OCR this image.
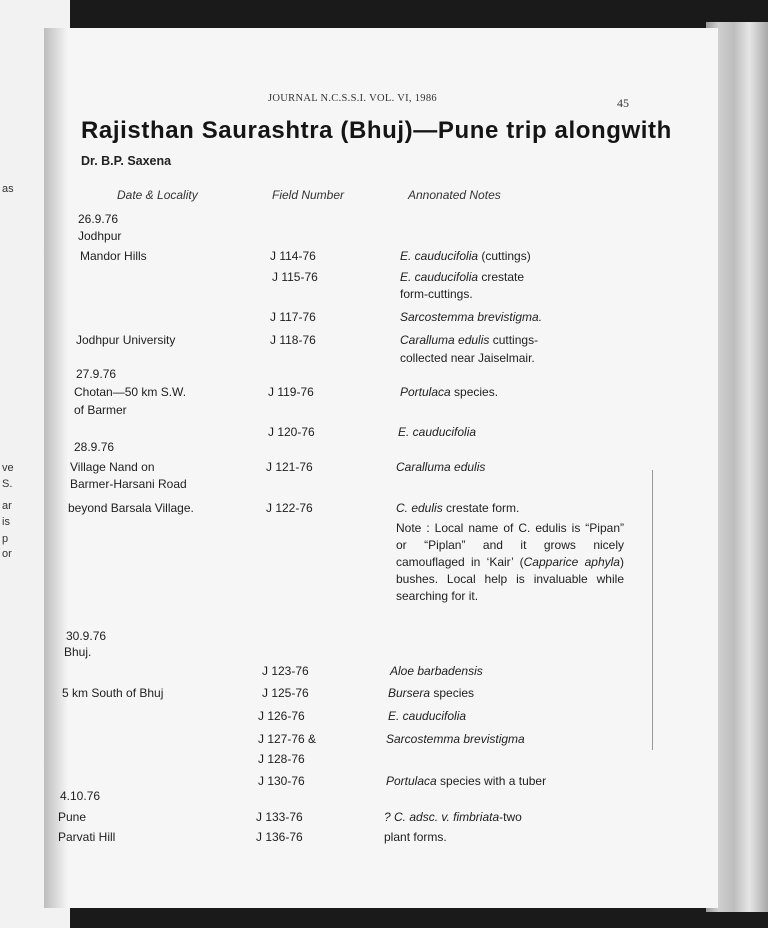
as
ve
S.
ar
is
p
or
JOURNAL N.C.S.S.I. VOL. VI, 1986	45
Rajisthan Saurashtra (Bhuj)—Pune trip alongwith
Dr. B.P. Saxena
Date & Locality	Field Number	Annonated Notes
26.9.76
Jodhpur
Mandor Hills	J 114-76	E. cauducifolia (cuttings)
J 115-76	E. cauducifolia crestate
form-cuttings.
J 117-76	Sarcostemma brevistigma.
Jodhpur University	J 118-76	Caralluma edulis cuttings-
collected near Jaiselmair.
27.9.76
Chotan—50 km S.W.	J 119-76	Portulaca species.
of Barmer
J 120-76	E. cauducifolia
28.9.76
Village Nand on	J 121-76	Caralluma edulis
Barmer-Harsani Road
beyond Barsala Village.	J 122-76	C. edulis crestate form.
Note : Local name of C. edulis is “Pipan” or “Piplan” and it grows nicely camouflaged in ‘Kair’ (Capparice aphyla) bushes. Local help is invaluable while searching for it.
30.9.76
Bhuj.
J 123-76	Aloe barbadensis
5 km South of Bhuj	J 125-76	Bursera species
J 126-76	E. cauducifolia
J 127-76 &	Sarcostemma brevistigma
J 128-76
J 130-76	Portulaca species with a tuber
4.10.76
Pune	J 133-76	? C. adsc. v. fimbriata-two
Parvati Hill	J 136-76	plant forms.
